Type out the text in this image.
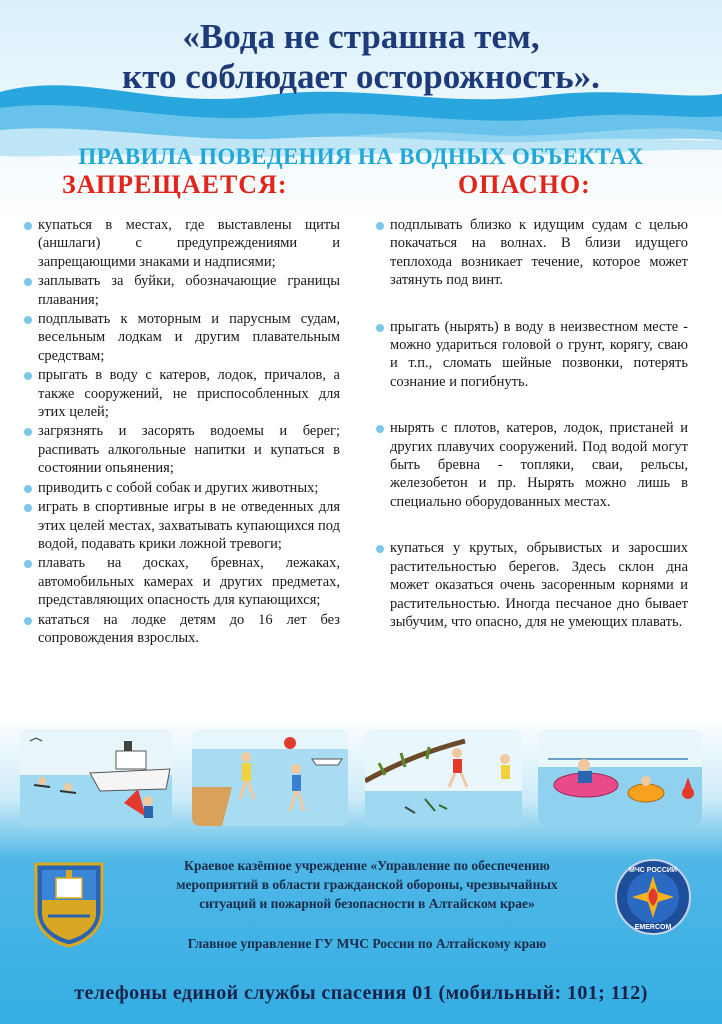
«Вода не страшна тем,
кто соблюдает осторожность».
ПРАВИЛА ПОВЕДЕНИЯ НА ВОДНЫХ ОБЪЕКТАХ
ЗАПРЕЩАЕТСЯ:	ОПАСНО:
купаться в местах, где выставлены щиты (аншлаги) с предупреждениями и запрещающими знаками и надписями;
заплывать за буйки, обозначающие границы плавания;
подплывать к моторным и парусным судам, весельным лодкам и другим плавательным средствам;
прыгать в воду с катеров, лодок, причалов, а также сооружений, не приспособленных для этих целей;
загрязнять и засорять водоемы и берег; распивать алкогольные напитки и купаться в состоянии опьянения;
приводить с собой собак и других животных;
играть в спортивные игры в не отведенных для этих целей местах, захватывать купающихся под водой, подавать крики ложной тревоги;
плавать на досках, бревнах, лежаках, автомобильных камерах и других предметах, представляющих опасность для купающихся;
кататься на лодке детям до 16 лет без сопровождения взрослых.
подплывать близко к идущим судам с целью покачаться на волнах. В близи идущего теплохода возникает течение, которое может затянуть под винт.
прыгать (нырять) в воду в неизвестном месте - можно удариться головой о грунт, корягу, сваю и т.п., сломать шейные позвонки, потерять сознание и погибнуть.
нырять с плотов, катеров, лодок, пристаней и других плавучих сооружений. Под водой могут быть бревна - топляки, сваи, рельсы, железобетон и пр. Нырять можно лишь в специально оборудованных местах.
купаться у крутых, обрывистых и заросших растительностью берегов. Здесь склон дна может оказаться очень засоренным корнями и растительностью. Иногда песчаное дно бывает зыбучим, что опасно, для не умеющих плавать.
МЧС РОССИИ
EMERCOM
Краевое казённое учреждение «Управление по обеспечению
мероприятий в области гражданской обороны, чрезвычайных
ситуаций и пожарной безопасности в Алтайском крае»
Главное управление ГУ МЧС России по Алтайскому краю
телефоны единой службы спасения 01 (мобильный: 101; 112)
